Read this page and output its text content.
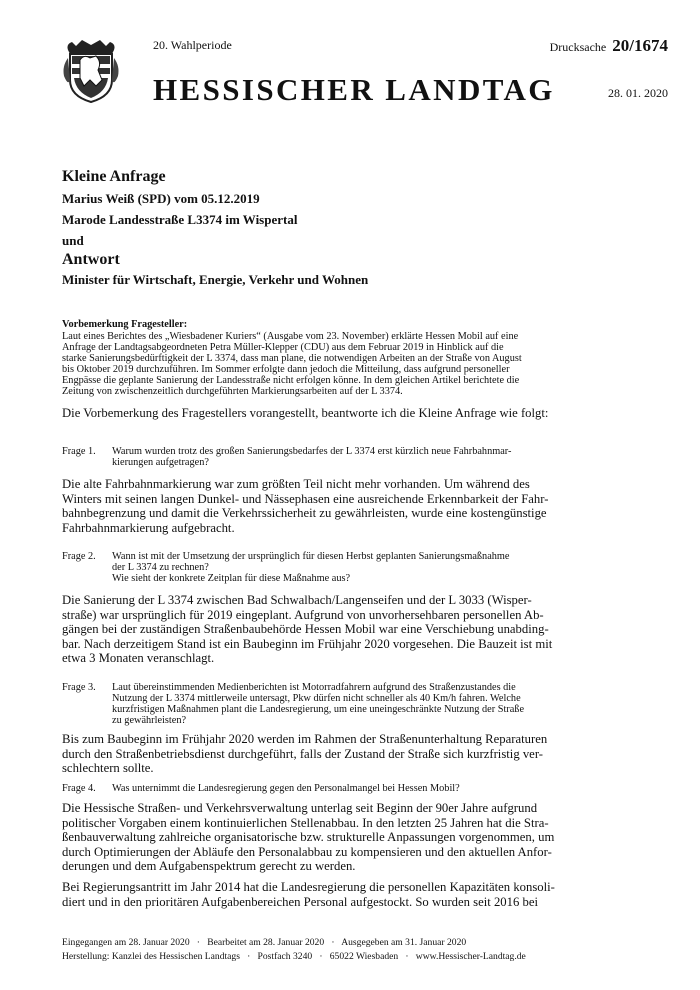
20. Wahlperiode	Drucksache 20/1674
HESSISCHER LANDTAG	28. 01. 2020
Kleine Anfrage
Marius Weiß (SPD) vom 05.12.2019
Marode Landesstraße L3374 im Wispertal
und
Antwort
Minister für Wirtschaft, Energie, Verkehr und Wohnen
Vorbemerkung Fragesteller:
Laut eines Berichtes des „Wiesbadener Kuriers“ (Ausgabe vom 23. November) erklärte Hessen Mobil auf eine
Anfrage der Landtagsabgeordneten Petra Müller-Klepper (CDU) aus dem Februar 2019 in Hinblick auf die
starke Sanierungsbedürftigkeit der L 3374, dass man plane, die notwendigen Arbeiten an der Straße von August
bis Oktober 2019 durchzuführen. Im Sommer erfolgte dann jedoch die Mitteilung, dass aufgrund personeller
Engpässe die geplante Sanierung der Landesstraße nicht erfolgen könne. In dem gleichen Artikel berichtete die
Zeitung von zwischenzeitlich durchgeführten Markierungsarbeiten auf der L 3374.
Die Vorbemerkung des Fragestellers vorangestellt, beantworte ich die Kleine Anfrage wie folgt:
Frage 1. Warum wurden trotz des großen Sanierungsbedarfes der L 3374 erst kürzlich neue Fahrbahnmar-
kierungen aufgetragen?
Die alte Fahrbahnmarkierung war zum größten Teil nicht mehr vorhanden. Um während des
Winters mit seinen langen Dunkel- und Nässephasen eine ausreichende Erkennbarkeit der Fahr-
bahnbegrenzung und damit die Verkehrssicherheit zu gewährleisten, wurde eine kostengünstige
Fahrbahnmarkierung aufgebracht.
Frage 2. Wann ist mit der Umsetzung der ursprünglich für diesen Herbst geplanten Sanierungsmaßnahme
der L 3374 zu rechnen?
Wie sieht der konkrete Zeitplan für diese Maßnahme aus?
Die Sanierung der L 3374 zwischen Bad Schwalbach/Langenseifen und der L 3033 (Wisper-
straße) war ursprünglich für 2019 eingeplant. Aufgrund von unvorhersehbaren personellen Ab-
gängen bei der zuständigen Straßenbaubehörde Hessen Mobil war eine Verschiebung unabding-
bar. Nach derzeitigem Stand ist ein Baubeginn im Frühjahr 2020 vorgesehen. Die Bauzeit ist mit
etwa 3 Monaten veranschlagt.
Frage 3. Laut übereinstimmenden Medienberichten ist Motorradfahrern aufgrund des Straßenzustandes die
Nutzung der L 3374 mittlerweile untersagt, Pkw dürfen nicht schneller als 40 Km/h fahren. Welche
kurzfristigen Maßnahmen plant die Landesregierung, um eine uneingeschränkte Nutzung der Straße
zu gewährleisten?
Bis zum Baubeginn im Frühjahr 2020 werden im Rahmen der Straßenunterhaltung Reparaturen
durch den Straßenbetriebsdienst durchgeführt, falls der Zustand der Straße sich kurzfristig ver-
schlechtern sollte.
Frage 4. Was unternimmt die Landesregierung gegen den Personalmangel bei Hessen Mobil?
Die Hessische Straßen- und Verkehrsverwaltung unterlag seit Beginn der 90er Jahre aufgrund
politischer Vorgaben einem kontinuierlichen Stellenabbau. In den letzten 25 Jahren hat die Stra-
ßenbauverwaltung zahlreiche organisatorische bzw. strukturelle Anpassungen vorgenommen, um
durch Optimierungen der Abläufe den Personalabbau zu kompensieren und den aktuellen Anfor-
derungen und dem Aufgabenspektrum gerecht zu werden.
Bei Regierungsantritt im Jahr 2014 hat die Landesregierung die personellen Kapazitäten konsoli-
diert und in den prioritären Aufgabenbereichen Personal aufgestockt. So wurden seit 2016 bei
Eingegangen am 28. Januar 2020   ·   Bearbeitet am 28. Januar 2020   ·   Ausgegeben am 31. Januar 2020
Herstellung: Kanzlei des Hessischen Landtags   ·   Postfach 3240   ·   65022 Wiesbaden   ·   www.Hessischer-Landtag.de
